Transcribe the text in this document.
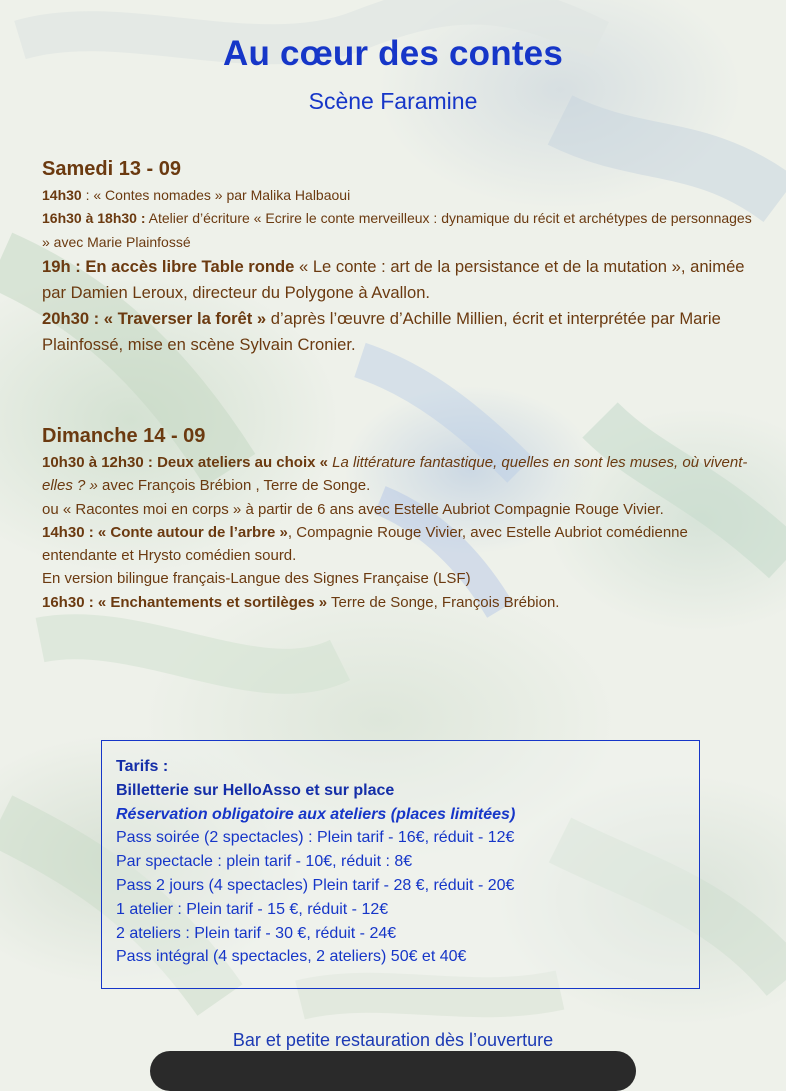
Au cœur des contes
Scène Faramine
Samedi 13 - 09

14h30 : « Contes nomades » par Malika Halbaoui

16h30 à 18h30 : Atelier d’écriture « Ecrire le conte merveilleux : dynamique du récit et archétypes de personnages » avec Marie Plainfossé

19h : En accès libre Table ronde « Le conte : art de la persistance et de la mutation », animée par Damien Leroux, directeur du Polygone à Avallon.

20h30 : « Traverser la forêt » d’après l’œuvre d’Achille Millien, écrit et interprétée par Marie Plainfossé, mise en scène Sylvain Cronier.

Dimanche 14 - 09

10h30 à 12h30 : Deux ateliers au choix « La littérature fantastique, quelles en sont les muses, où vivent-elles ? » avec François Brébion , Terre de Songe.

ou « Racontes moi en corps » à partir de 6 ans avec Estelle Aubriot Compagnie Rouge Vivier.

14h30 : « Conte autour de l’arbre », Compagnie Rouge Vivier, avec Estelle Aubriot comédienne entendante et Hrysto comédien sourd.

En version bilingue français-Langue des Signes Française (LSF)

16h30 : « Enchantements et sortilèges » Terre de Songe, François Brébion.

Tarifs :

Billetterie sur HelloAsso et sur place

Réservation obligatoire aux ateliers (places limitées)

Pass soirée (2 spectacles) : Plein tarif - 16€, réduit - 12€

Par spectacle : plein tarif - 10€, réduit : 8€

Pass 2 jours (4 spectacles) Plein tarif - 28 €, réduit - 20€

1 atelier : Plein tarif - 15 €, réduit - 12€

2 ateliers : Plein tarif - 30 €, réduit - 24€

Pass intégral (4 spectacles, 2 ateliers) 50€ et 40€

Bar et petite restauration dès l’ouverture
